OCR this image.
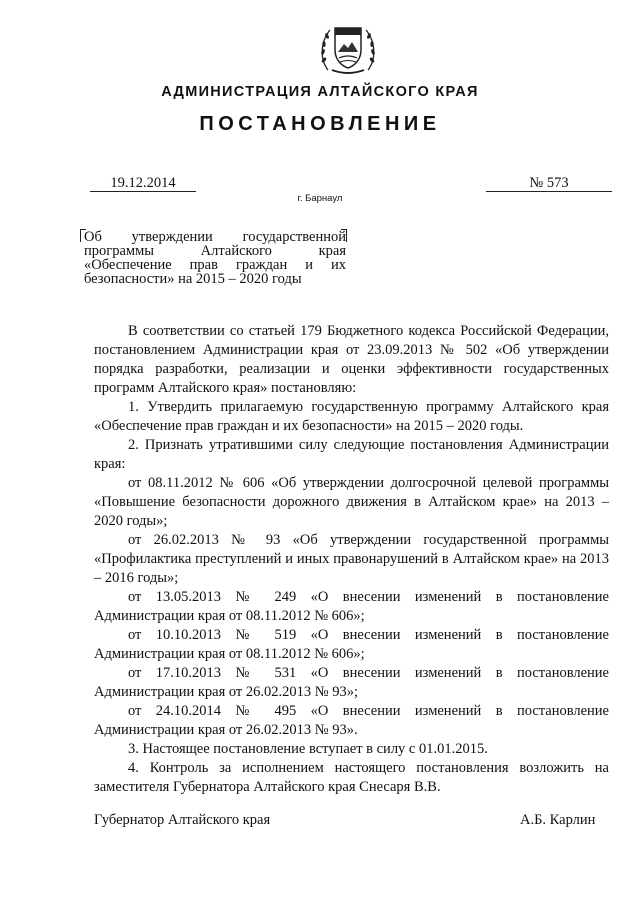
АДМИНИСТРАЦИЯ АЛТАЙСКОГО КРАЯ
ПОСТАНОВЛЕНИЕ
19.12.2014	№ 573
г. Барнаул
Об утверждении государственной программы Алтайского края «Обеспечение прав граждан и их безопасности» на 2015 – 2020 годы

В соответствии со статьей 179 Бюджетного кодекса Российской Федерации, постановлением Администрации края от 23.09.2013 № 502 «Об утверждении порядка разработки, реализации и оценки эффективности государственных программ Алтайского края» постановляю:

1. Утвердить прилагаемую государственную программу Алтайского края «Обеспечение прав граждан и их безопасности» на 2015 – 2020 годы.

2. Признать утратившими силу следующие постановления Администрации края:

от 08.11.2012 № 606 «Об утверждении долгосрочной целевой программы «Повышение безопасности дорожного движения в Алтайском крае» на 2013 – 2020 годы»;

от 26.02.2013 № 93 «Об утверждении государственной программы «Профилактика преступлений и иных правонарушений в Алтайском крае» на 2013 – 2016 годы»;

от 13.05.2013 № 249 «О внесении изменений в постановление Администрации края от 08.11.2012 № 606»;

от 10.10.2013 № 519 «О внесении изменений в постановление Администрации края от 08.11.2012 № 606»;

от 17.10.2013 № 531 «О внесении изменений в постановление Администрации края от 26.02.2013 № 93»;

от 24.10.2014 № 495 «О внесении изменений в постановление Администрации края от 26.02.2013 № 93».

3. Настоящее постановление вступает в силу с 01.01.2015.

4. Контроль за исполнением настоящего постановления возложить на заместителя Губернатора Алтайского края Снесаря В.В.

Губернатор Алтайского края	А.Б. Карлин
